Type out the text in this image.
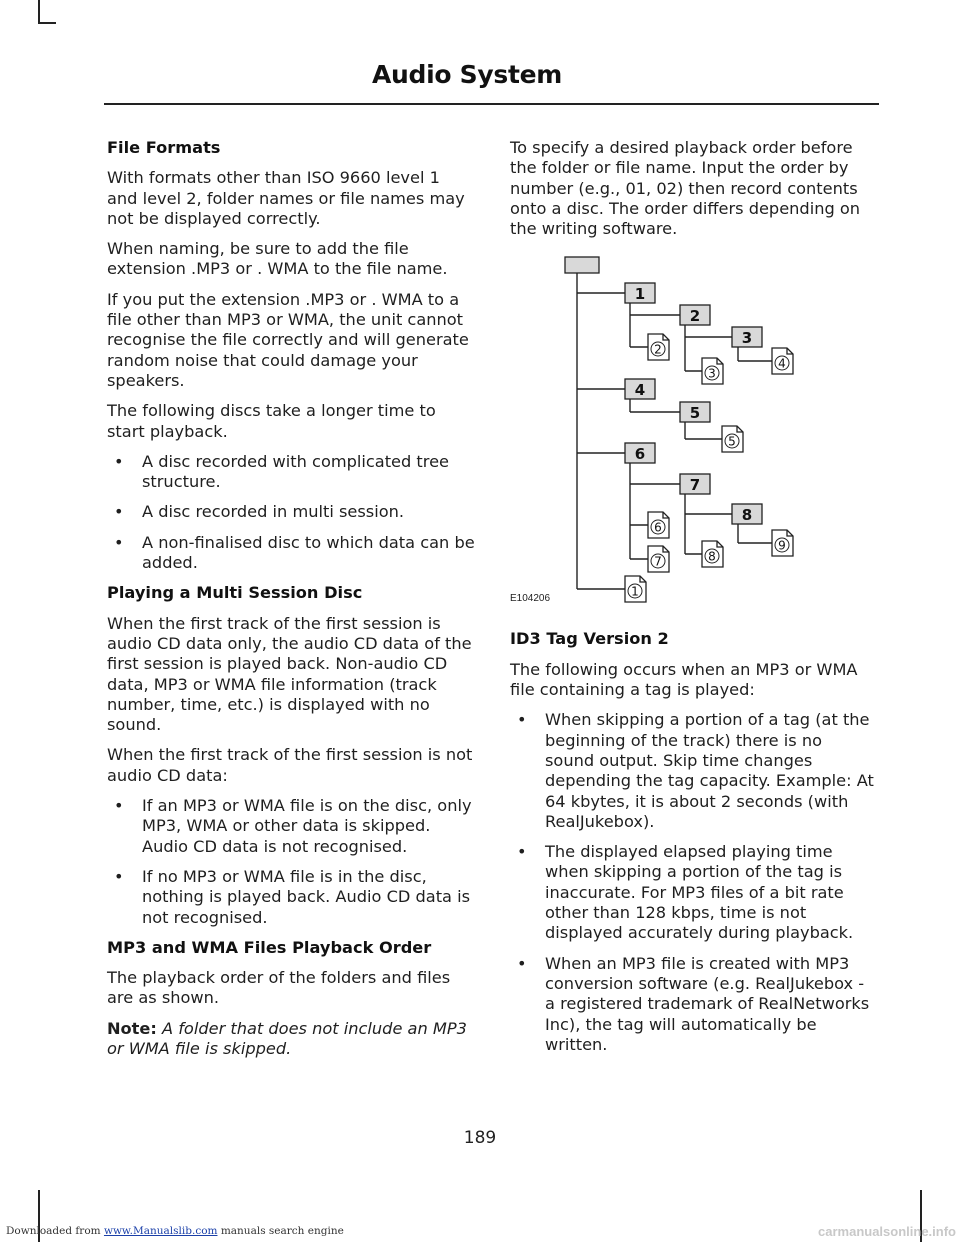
Audio System
File Formats

With formats other than ISO 9660 level 1 and level 2, folder names or file names may not be displayed correctly.

When naming, be sure to add the file extension .MP3 or . WMA to the file name.

If you put the extension .MP3 or . WMA to a file other than MP3 or WMA, the unit cannot recognise the file correctly and will generate random noise that could damage your speakers.

The following discs take a longer time to start playback.

• A disc recorded with complicated tree structure.
• A disc recorded in multi session.
• A non-finalised disc to which data can be added.
Playing a Multi Session Disc

When the first track of the first session is audio CD data only, the audio CD data of the first session is played back. Non-audio CD data, MP3 or WMA file information (track number, time, etc.) is displayed with no sound.

When the first track of the first session is not audio CD data:

• If an MP3 or WMA file is on the disc, only MP3, WMA or other data is skipped. Audio CD data is not recognised.
• If no MP3 or WMA file is in the disc, nothing is played back. Audio CD data is not recognised.
MP3 and WMA Files Playback Order

The playback order of the folders and files are as shown.

Note: A folder that does not include an MP3 or WMA file is skipped.

To specify a desired playback order before the folder or file name. Input the order by number (e.g., 01, 02) then record contents onto a disc. The order differs depending on the writing software.

1
2
3
4
5
6
7
8
2
3
4
5
6
7	8
9
1
E104206
ID3 Tag Version 2

The following occurs when an MP3 or WMA file containing a tag is played:

• When skipping a portion of a tag (at the beginning of the track) there is no sound output. Skip time changes depending the tag capacity. Example: At 64 kbytes, it is about 2 seconds (with RealJukebox).
• The displayed elapsed playing time when skipping a portion of the tag is inaccurate. For MP3 files of a bit rate other than 128 kbps, time is not displayed accurately during playback.
• When an MP3 file is created with MP3 conversion software (e.g. RealJukebox - a registered trademark of RealNetworks Inc), the tag will automatically be written.
189
Downloaded from www.Manualslib.com manuals search engine	carmanualsonline.info
